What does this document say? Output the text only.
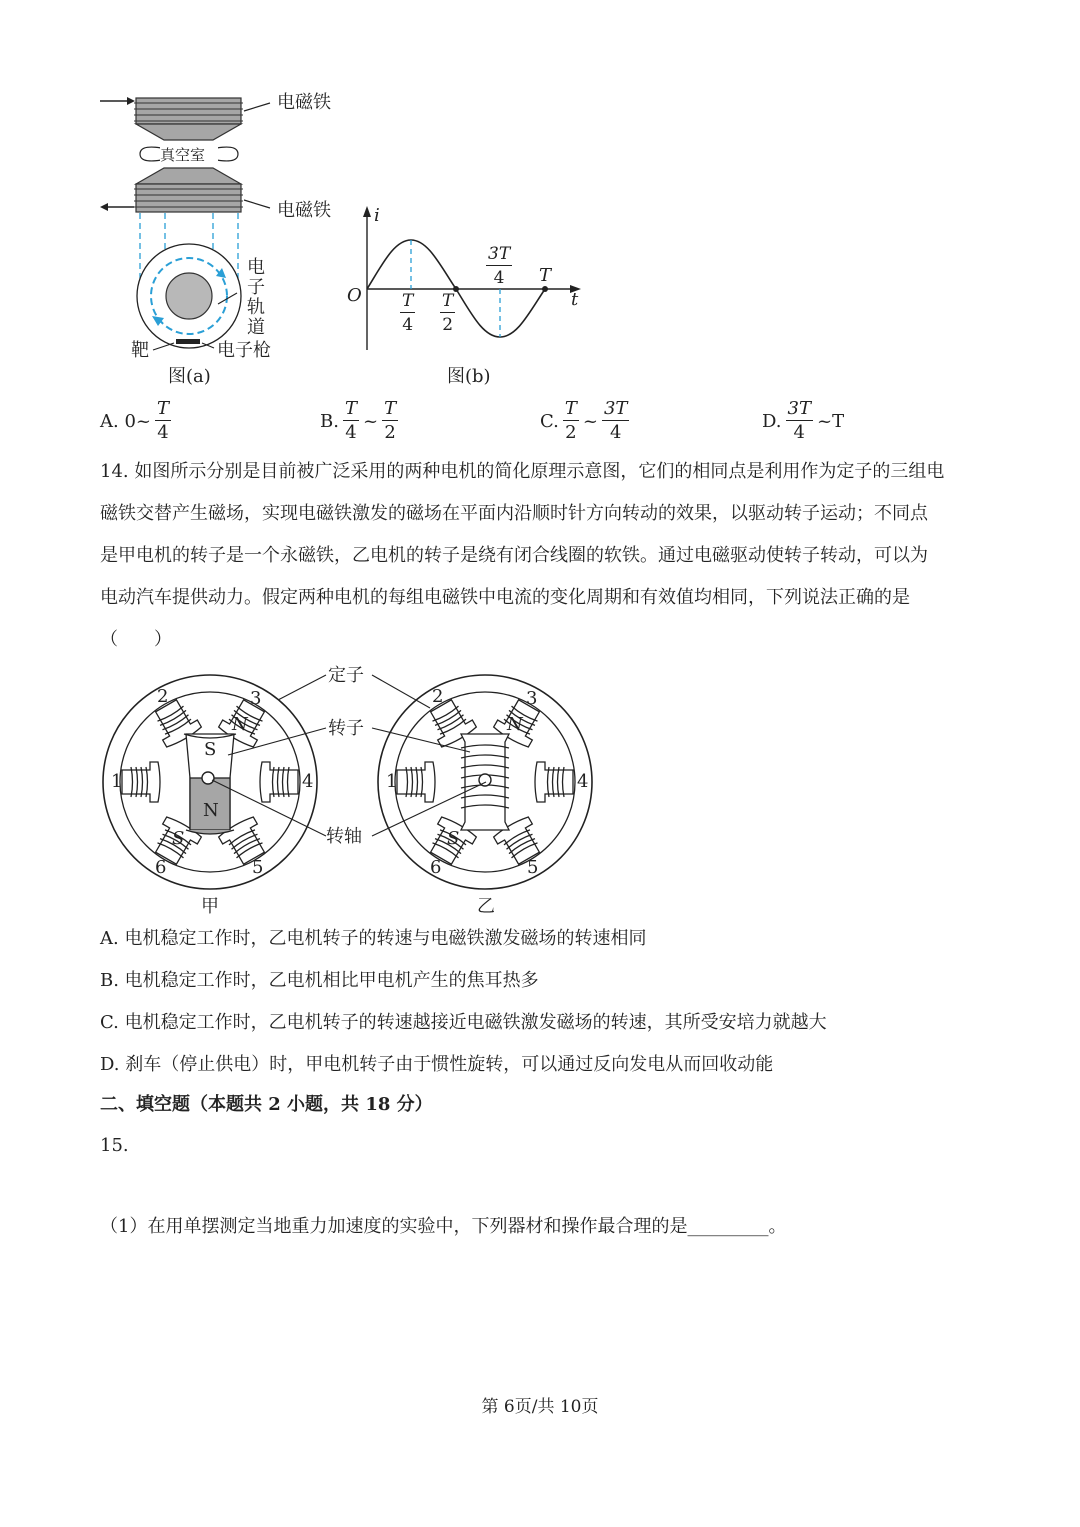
电磁铁
真空室
电磁铁
电
子
轨
道
靶	电子枪
图(a)
i
t
O $\frac{T}{4} \frac{T}{2}$
$\frac{3T}{4}$ T
图(b)
A. 0~ $\frac{T}{4}$	B. $\frac{T}{4}$ ~ $\frac{T}{2}$	C. $\frac{T}{2}$ ~ $\frac{3T}{4}$	D. $\frac{3T}{4}$ ~T
14. 如图所示分别是目前被广泛采用的两种电机的简化原理示意图，它们的相同点是利用作为定子的三组电
磁铁交替产生磁场，实现电磁铁激发的磁场在平面内沿顺时针方向转动的效果，以驱动转子运动；不同点
是甲电机的转子是一个永磁铁，乙电机的转子是绕有闭合线圈的软铁。通过电磁驱动使转子转动，可以为
电动汽车提供动力。假定两种电机的每组电磁铁中电流的变化周期和有效值均相同，下列说法正确的是
（　　）
定子
转子
转轴
1
2	3
4
5
6
S
N
N
S
甲
1
2	3
4
5
6
N
S
乙
A. 电机稳定工作时，乙电机转子的转速与电磁铁激发磁场的转速相同
B. 电机稳定工作时，乙电机相比甲电机产生的焦耳热多
C. 电机稳定工作时，乙电机转子的转速越接近电磁铁激发磁场的转速，其所受安培力就越大
D. 刹车（停止供电）时，甲电机转子由于惯性旋转，可以通过反向发电从而回收动能
二、填空题（本题共 2 小题，共 18 分）
15.
（1）在用单摆测定当地重力加速度的实验中，下列器材和操作最合理的是_________。
第 6页/共 10页
